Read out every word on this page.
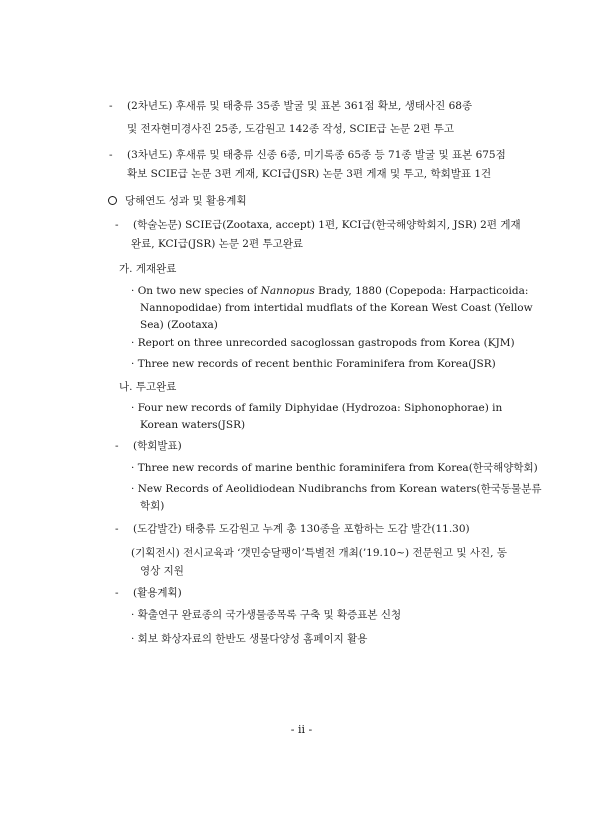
- (2차년도) 후새류 및 태충류 35종 발굴 및 표본 361점 확보, 생태사진 68종
및 전자현미경사진 25종, 도감원고 142종 작성, SCIE급 논문 2편 투고
- (3차년도) 후새류 및 태충류 신종 6종, 미기록종 65종 등 71종 발굴 및 표본 675점
확보 SCIE급 논문 3편 게재, KCI급(JSR) 논문 3편 게재 및 투고, 학회발표 1건
당해연도 성과 및 활용계획
- (학술논문) SCIE급(Zootaxa, accept) 1편, KCI급(한국해양학회지, JSR) 2편 게재
완료, KCI급(JSR) 논문 2편 투고완료
가. 게재완료
· On two new species of Nannopus Brady, 1880 (Copepoda: Harpacticoida:
Nannopodidae) from intertidal mudflats of the Korean West Coast (Yellow
Sea) (Zootaxa)
· Report on three unrecorded sacoglossan gastropods from Korea (KJM)
· Three new records of recent benthic Foraminifera from Korea(JSR)
나. 투고완료
· Four new records of family Diphyidae (Hydrozoa: Siphonophorae) in
Korean waters(JSR)
- (학회발표)
· Three new records of marine benthic foraminifera from Korea(한국해양학회)
· New Records of Aeolidiodean Nudibranchs from Korean waters(한국동물분류
학회)
- (도감발간) 태충류 도감원고 누계 총 130종을 포함하는 도감 발간(11.30)
(기획전시) 전시교육과 ‘갯민숭달팽이’특별전 개최(’19.10~) 전문원고 및 사진, 동
영상 지원
- (활용계획)
· 확출연구 완료종의 국가생물종목록 구축 및 확증표본 신청
· 회보 화상자료의 한반도 생물다양성 홈페이지 활용
- ii -
